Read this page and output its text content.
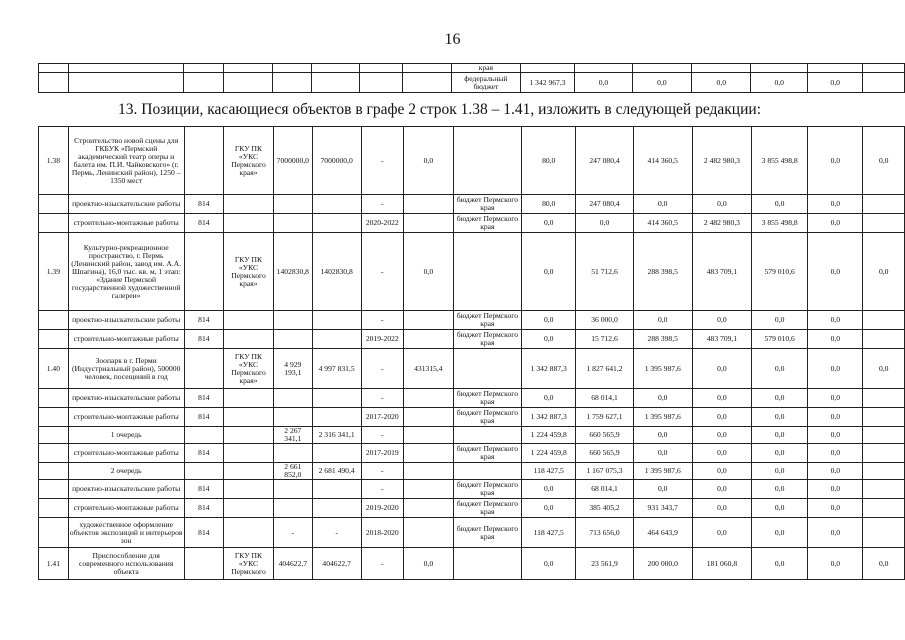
16
								края							
								федеральный бюджет	1 342 967,3	0,0	0,0	0,0	0,0	0,0	
13. Позиции, касающиеся объектов в графе 2 строк 1.38 – 1.41, изложить в следующей редакции:
1.38	Строительство новой сцены для ГКБУК «Пермский академический театр оперы и балета им. П.И. Чайковского» (г. Пермь, Ленинский район), 1250 – 1350 мест		ГКУ ПК «УКС Пермского края»	7000000,0	7000000,0	-	0,0		80,0	247 080,4	414 360,5	2 482 980,3	3 855 498,8	0,0	0,0
	проектно-изыскательские работы	814				-		бюджет Пермского края	80,0	247 080,4	0,0	0,0	0,0	0,0	
	строительно-монтажные работы	814				2020-2022		бюджет Пермского края	0,0	0,0	414 360,5	2 482 980,3	3 855 498,8	0,0	
1.39	Культурно-рекреационное пространство, г. Пермь (Ленинский район, завод им. А.А. Шпагина), 16,0 тыс. кв. м, 1 этап: «Здание Пермской государственной художественной галереи»		ГКУ ПК «УКС Пермского края»	1402830,8	1402830,8	-	0,0		0,0	51 712,6	288 398,5	483 709,1	579 010,6	0,0	0,0
	проектно-изыскательские работы	814				-		бюджет Пермского края	0,0	36 000,0	0,0	0,0	0,0	0,0	
	строительно-монтажные работы	814				2019-2022		бюджет Пермского края	0,0	15 712,6	288 398,5	483 709,1	579 010,6	0,0	
1.40	Зоопарк в г. Перми (Индустриальный район), 500000 человек, посещений в год		ГКУ ПК «УКС Пермского края»	4 929 193,1	4 997 831,5	-	431315,4		1 342 887,3	1 827 641,2	1 395 987,6	0,0	0,0	0,0	0,0
	проектно-изыскательские работы	814				-		бюджет Пермского края	0,0	68 014,1	0,0	0,0	0,0	0,0	
	строительно-монтажные работы	814				2017-2020		бюджет Пермского края	1 342 887,3	1 759 627,1	1 395 987,6	0,0	0,0	0,0	
	1 очередь			2 267 341,1	2 316 341,1	-			1 224 459,8	660 565,9	0,0	0,0	0,0	0,0	
	строительно-монтажные работы	814				2017-2019		бюджет Пермского края	1 224 459,8	660 565,9	0,0	0,0	0,0	0,0	
	2 очередь			2 661 852,0	2 681 490,4	-			118 427,5	1 167 075,3	1 395 987,6	0,0	0,0	0,0	
	проектно-изыскательские работы	814				-		бюджет Пермского края	0,0	68 014,1	0,0	0,0	0,0	0,0	
	строительно-монтажные работы	814				2019-2020		бюджет Пермского края	0,0	385 405,2	931 343,7	0,0	0,0	0,0	
	художественное оформление объектов экспозиций и интерьеров зон	814		-	-	2018-2020		бюджет Пермского края	118 427,5	713 656,0	464 643,9	0,0	0,0	0,0	
1.41	Приспособление для современного использования объекта		ГКУ ПК «УКС Пермского	404622,7	404622,7	-	0,0		0,0	23 561,9	200 000,0	181 060,8	0,0	0,0	0,0
